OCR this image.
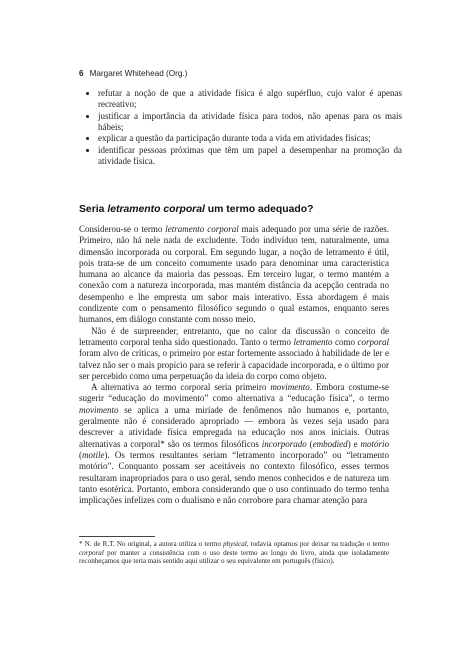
6 Margaret Whitehead (Org.)
• refutar a noção de que a atividade física é algo supérfluo, cujo valor é apenas recreativo;
• justificar a importância da atividade física para todos, não apenas para os mais hábeis;
• explicar a questão da participação durante toda a vida em atividades físicas;
• identificar pessoas próximas que têm um papel a desempenhar na promoção da atividade física.
Seria letramento corporal um termo adequado?

Considerou-se o termo letramento corporal mais adequado por uma série de razões. Primeiro, não há nele nada de excludente. Todo indivíduo tem, naturalmente, uma dimensão incorporada ou corporal. Em segundo lugar, a noção de letramento é útil, pois trata-se de um conceito comumente usado para denominar uma característica humana ao alcance da maioria das pessoas. Em terceiro lugar, o termo mantém a conexão com a natureza incorporada, mas mantém distância da acepção centrada no desempenho e lhe empresta um sabor mais interativo. Essa abordagem é mais condizente com o pensamento filosófico segundo o qual estamos, enquanto seres humanos, em diálogo constante com nosso meio.

Não é de surpreender, entretanto, que no calor da discussão o conceito de letramento corporal tenha sido questionado. Tanto o termo letramento como corporal foram alvo de críticas, o primeiro por estar fortemente associado à habilidade de ler e talvez não ser o mais propício para se referir à capacidade incorporada, e o último por ser percebido como uma perpetuação da ideia do corpo como objeto.

A alternativa ao termo corporal seria primeiro movimento. Embora costume-se sugerir “educação do movimento” como alternativa a “educação física”, o termo movimento se aplica a uma miríade de fenômenos não humanos e, portanto, geralmente não é considerado apropriado — embora às vezes seja usado para descrever a atividade física empregada na educação nos anos iniciais. Outras alternativas a corporal* são os termos filosóficos incorporado (embodied) e motório (motile). Os termos resultantes seriam “letramento incorporado” ou “letramento motório”. Conquanto possam ser aceitáveis no contexto filosófico, esses termos resultaram inapropriados para o uso geral, sendo menos conhecidos e de natureza um tanto esotérica. Portanto, embora considerando que o uso continuado do termo tenha implicações infelizes com o dualismo e não corrobore para chamar atenção para

* N. de R.T. No original, a autora utiliza o termo physical, todavia optamos por deixar na tradução o termo corporal por manter a consistência com o uso deste termo ao longo do livro, ainda que isoladamente reconheçamos que teria mais sentido aqui utilizar o seu equivalente em português (físico).
